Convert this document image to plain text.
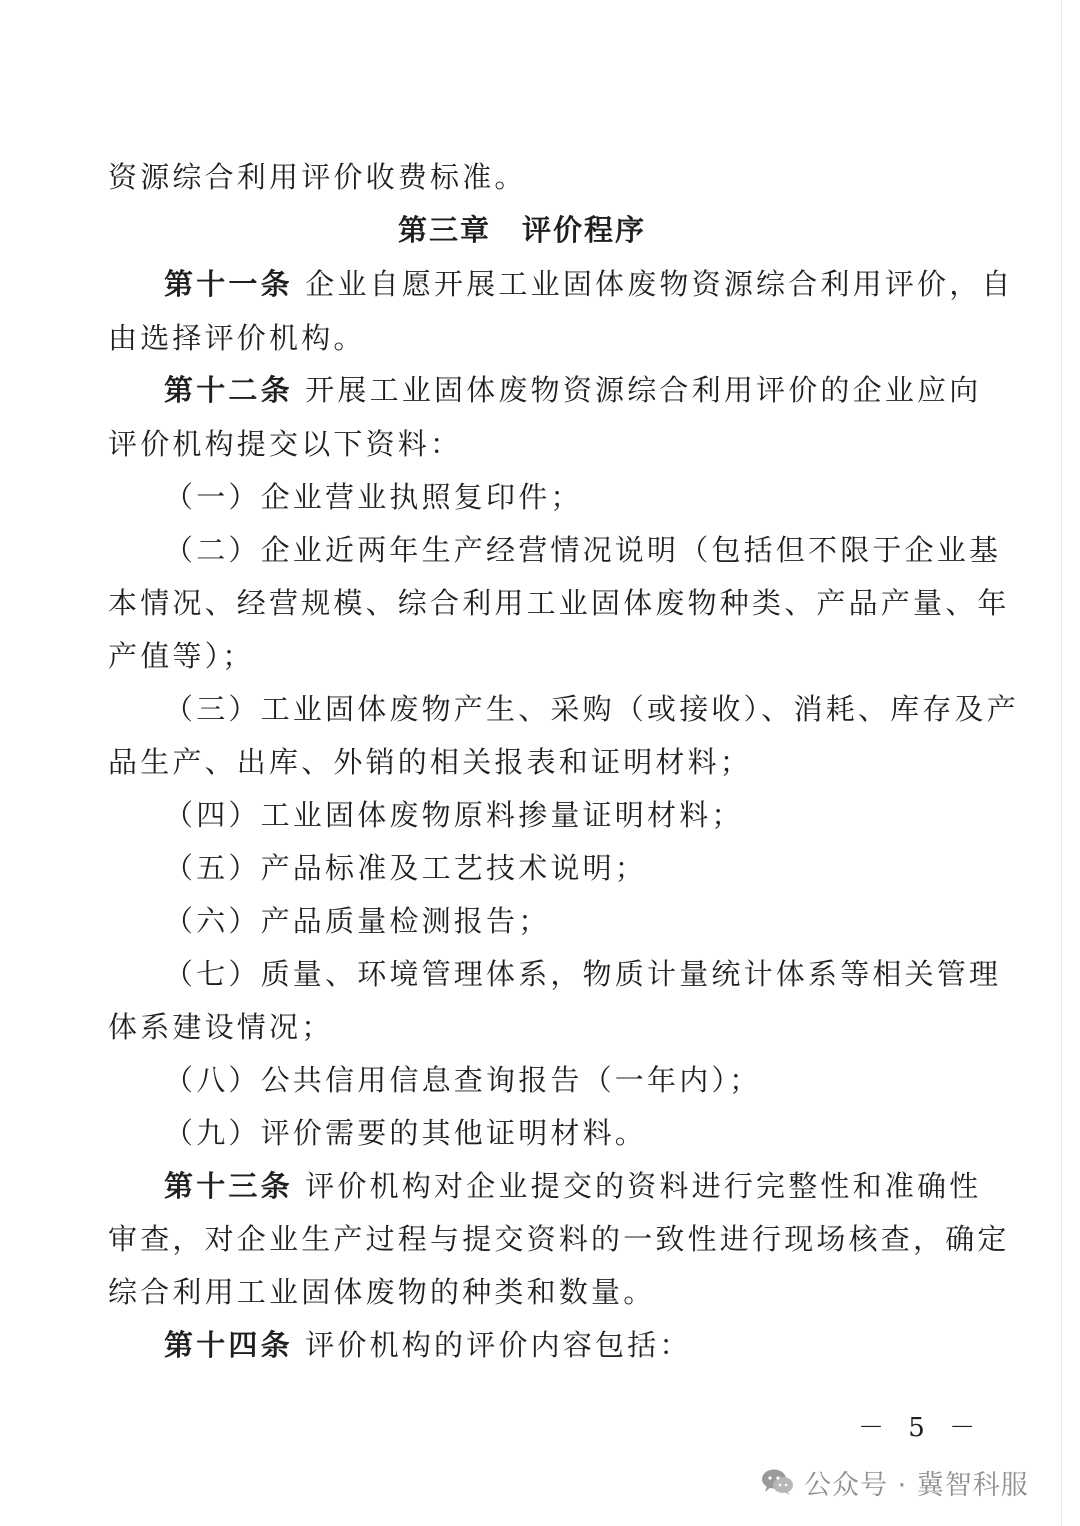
资源综合利用评价收费标准。
第三章　评价程序
第十一条 企业自愿开展工业固体废物资源综合利用评价，自
由选择评价机构。
第十二条 开展工业固体废物资源综合利用评价的企业应向
评价机构提交以下资料：
（一）企业营业执照复印件；
（二）企业近两年生产经营情况说明（包括但不限于企业基
本情况、经营规模、综合利用工业固体废物种类、产品产量、年
产值等）；
（三）工业固体废物产生、采购（或接收）、消耗、库存及产
品生产、出库、外销的相关报表和证明材料；
（四）工业固体废物原料掺量证明材料；
（五）产品标准及工艺技术说明；
（六）产品质量检测报告；
（七）质量、环境管理体系，物质计量统计体系等相关管理
体系建设情况；
（八）公共信用信息查询报告（一年内）；
（九）评价需要的其他证明材料。
第十三条 评价机构对企业提交的资料进行完整性和准确性
审查，对企业生产过程与提交资料的一致性进行现场核查，确定
综合利用工业固体废物的种类和数量。
第十四条 评价机构的评价内容包括：
－ 5 －
公众号 · 冀智科服
